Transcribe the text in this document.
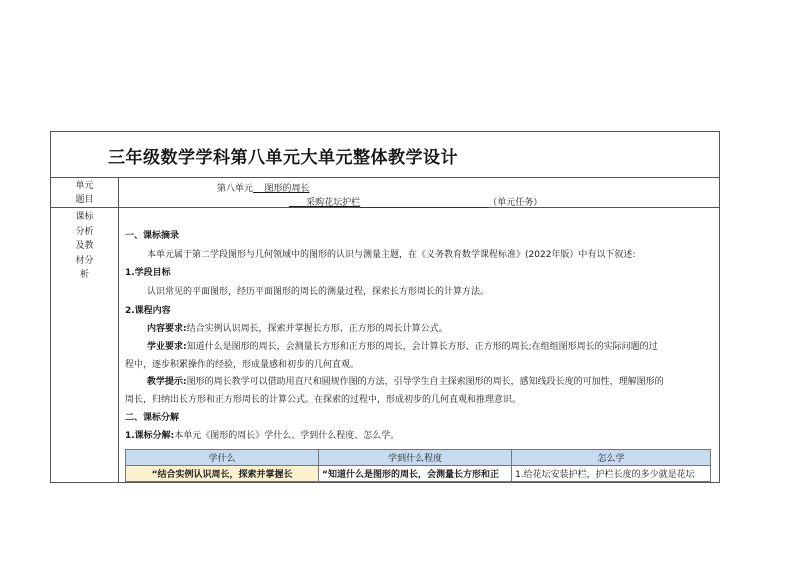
三年级数学学科第八单元大单元整体教学设计
单元
题目
第八单元 图形的周长
采购花坛护栏	（单元任务）
课标
分析
及教
材分
析
一、课标摘录
本单元属于第二学段图形与几何领域中的图形的认识与测量主题，在《义务教育数学课程标准》(2022年版）中有以下叙述:
1.学段目标
认识常见的平面图形，经历平面图形的周长的测量过程，探索长方形周长的计算方法。
2.课程内容
内容要求:结合实例认识周长，探索并掌握长方形、正方形的周长计算公式。
学业要求:知道什么是图形的周长，会测量长方形和正方形的周长，会计算长方形、正方形的周长;在组组图形周长的实际问题的过
程中，逐步积累操作的经验，形成量感和初步的几何直观。
教学提示:图形的周长教学可以借助用直尺和圆规作图的方法，引导学生自主探索图形的周长，感知线段长度的可加性，理解图形的
周长，归纳出长方形和正方形周长的计算公式。在探索的过程中，形成初步的几何直观和推理意识。
二、课标分解
1.课标分解:本单元《图形的周长》学什么、学到什么程度、怎么学。
学什么	学到什么程度	怎么学
“结合实例认识周长，探索并掌握长	“知道什么是图形的周长，会测量长方形和正	1.给花坛安装护栏，护栏长度的多少就是花坛
